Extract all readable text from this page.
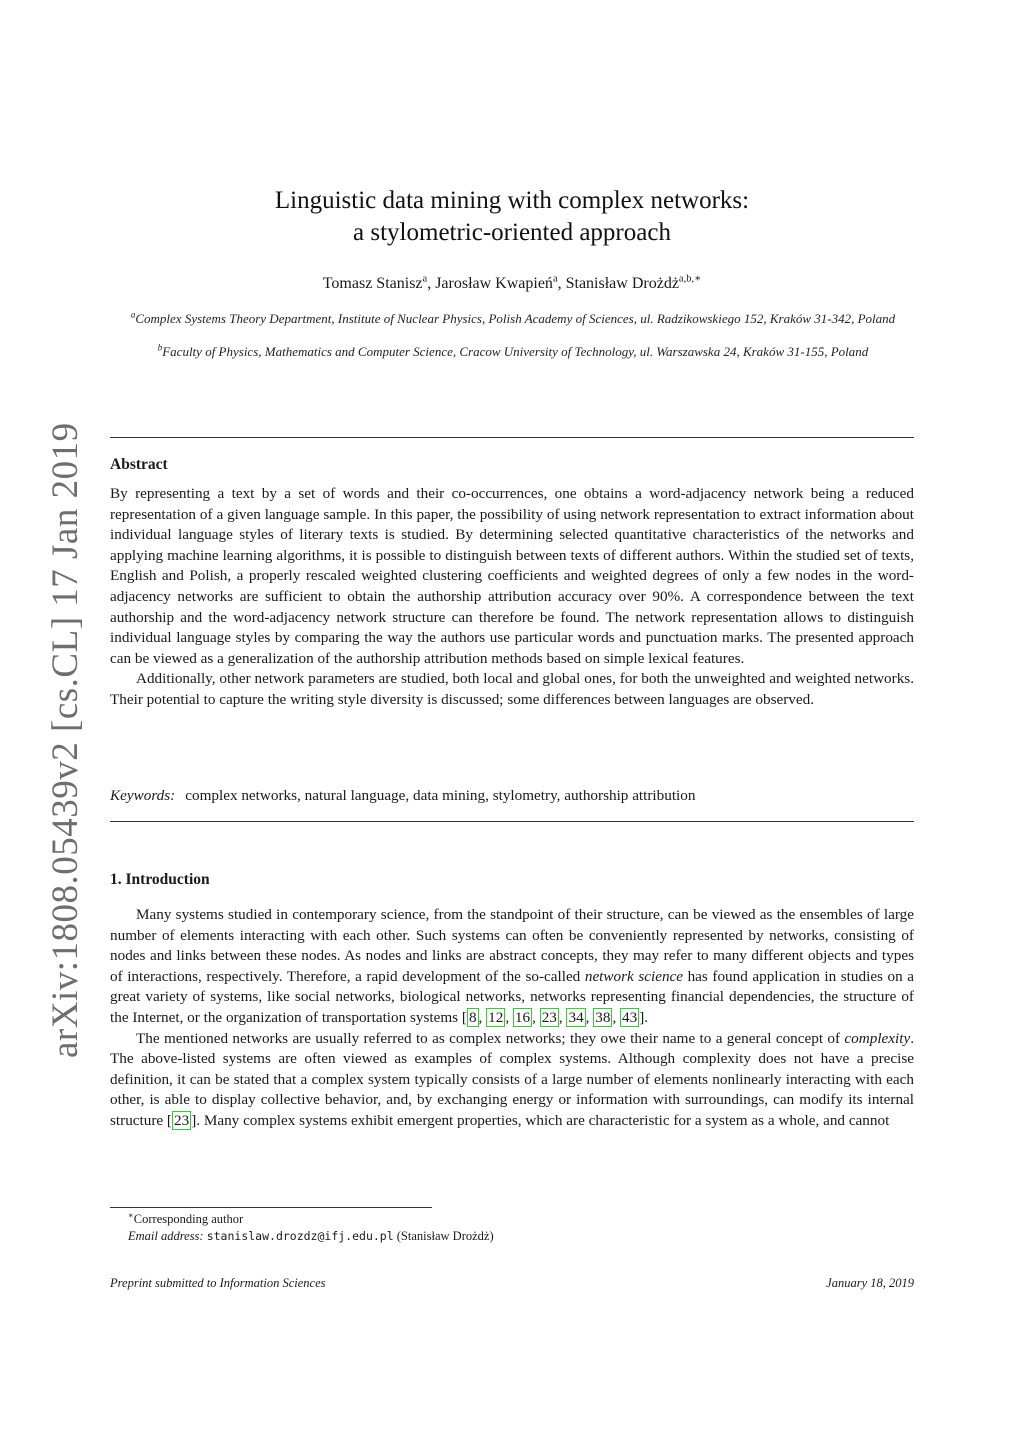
arXiv:1808.05439v2 [cs.CL] 17 Jan 2019
Linguistic data mining with complex networks:
a stylometric-oriented approach
Tomasz Stanisz$^a$, Jarosław Kwapień$^a$, Stanisław Drożdż$^{a,b,∗}$
$^a$Complex Systems Theory Department, Institute of Nuclear Physics, Polish Academy of Sciences, ul. Radzikowskiego 152, Kraków 31-342, Poland
$^b$Faculty of Physics, Mathematics and Computer Science, Cracow University of Technology, ul. Warszawska 24, Kraków 31-155, Poland
Abstract

By representing a text by a set of words and their co-occurrences, one obtains a word-adjacency network being a reduced representation of a given language sample. In this paper, the possibility of using network representation to extract information about individual language styles of literary texts is studied. By determining selected quantitative characteristics of the networks and applying machine learning algorithms, it is possible to distinguish between texts of different authors. Within the studied set of texts, English and Polish, a properly rescaled weighted clustering coefficients and weighted degrees of only a few nodes in the word-adjacency networks are sufficient to obtain the authorship attribution accuracy over 90%. A correspondence between the text authorship and the word-adjacency network structure can therefore be found. The network representation allows to distinguish individual language styles by comparing the way the authors use particular words and punctuation marks. The presented approach can be viewed as a generalization of the authorship attribution methods based on simple lexical features.

Additionally, other network parameters are studied, both local and global ones, for both the unweighted and weighted networks. Their potential to capture the writing style diversity is discussed; some differences between languages are observed.

Keywords: complex networks, natural language, data mining, stylometry, authorship attribution
1. Introduction

Many systems studied in contemporary science, from the standpoint of their structure, can be viewed as the ensembles of large number of elements interacting with each other. Such systems can often be conveniently represented by networks, consisting of nodes and links between these nodes. As nodes and links are abstract concepts, they may refer to many different objects and types of interactions, respectively. Therefore, a rapid development of the so-called network science has found application in studies on a great variety of systems, like social networks, biological networks, networks representing financial dependencies, the structure of the Internet, or the organization of transportation systems [ 8 , 12 , 16 , 23 , 34 , 38 , 43 ].

The mentioned networks are usually referred to as complex networks; they owe their name to a general concept of complexity. The above-listed systems are often viewed as examples of complex systems. Although complexity does not have a precise definition, it can be stated that a complex system typically consists of a large number of elements nonlinearly interacting with each other, is able to display collective behavior, and, by exchanging energy or information with surroundings, can modify its internal structure [ 23 ]. Many complex systems exhibit emergent properties, which are characteristic for a system as a whole, and cannot

∗Corresponding author
Email address: stanislaw.drozdz@ifj.edu.pl (Stanisław Drożdż)
Preprint submitted to Information Sciences	January 18, 2019
